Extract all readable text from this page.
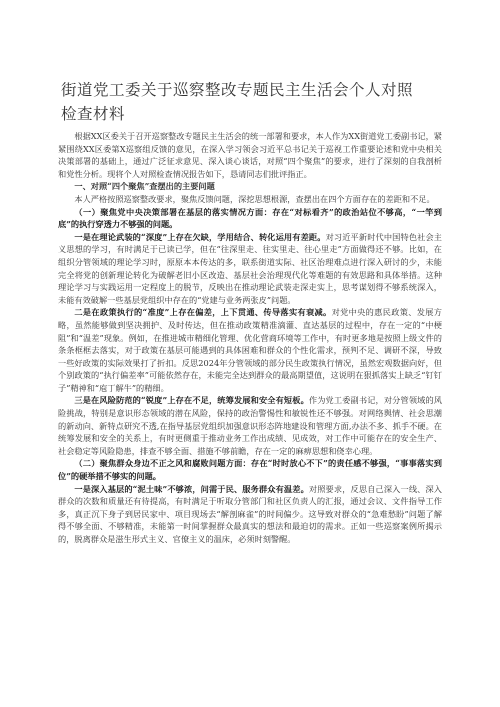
街道党工委关于巡察整改专题民主生活会个人对照
检查材料

根据XX区委关于召开巡察整改专题民主生活会的统一部署和要求，本人作为XX街道党工委副书记，紧紧围绕XX区委第X巡察组反馈的意见，在深入学习领会习近平总书记关于巡视工作重要论述和党中央相关决策部署的基础上，通过广泛征求意见、深入谈心谈话，对照“四个聚焦”的要求，进行了深刻的自我剖析和党性分析。现将个人对照检查情况报告如下，恳请同志们批评指正。

一、对照“四个聚焦”查摆出的主要问题

本人严格按照巡察整改要求，聚焦反馈问题，深挖思想根源，查摆出在四个方面存在的差距和不足。

（一）聚焦党中央决策部署在基层的落实情况方面：存在“对标看齐”的政治站位不够高，“一竿到底”的执行穿透力不够强的问题。

一是在理论武装的“深度”上存在欠缺，学用结合、转化运用有差距。对习近平新时代中国特色社会主义思想的学习，有时满足于已读已学，但在“往深里走、往实里走、往心里走”方面做得还不够。比如，在组织分管领域的理论学习时，原原本本传达的多，联系街道实际、社区治理难点进行深入研讨的少，未能完全将党的创新理论转化为破解老旧小区改造、基层社会治理现代化等难题的有效思路和具体举措。这种理论学习与实践运用一定程度上的脱节，反映出在推动理论武装走深走实上，思考谋划得不够系统深入，未能有效破解一些基层党组织中存在的“党建与业务两张皮”问题。

二是在政策执行的“准度”上存在偏差，上下贯通、传导落实有衰减。对党中央的惠民政策、发展方略，虽然能够做到坚决拥护、及时传达，但在推动政策精准滴灌、直达基层的过程中，存在一定的“中梗阻”和“温差”现象。例如，在推进城市精细化管理、优化营商环境等工作中，有时更多地是按照上级文件的条条框框去落实，对于政策在基层可能遇到的具体困难和群众的个性化需求，预判不足、调研不深，导致一些好政策的实际效果打了折扣。反思2024年分管领域的部分民生政策执行情况，虽然宏观数据向好，但个别政策的“执行偏差率”可能依然存在，未能完全达到群众的最高期望值，这说明在狠抓落实上缺乏“钉钉子”精神和“庖丁解牛”的精细。

三是在风险防范的“锐度”上存在不足，统筹发展和安全有短板。作为党工委副书记，对分管领域的风险挑战，特别是意识形态领域的潜在风险，保持的政治警惕性和敏锐性还不够强。对网络舆情、社会思潮的新动向、新特点研究不透,在指导基层党组织加强意识形态阵地建设和管理方面,办法不多、抓手不硬。在统筹发展和安全的关系上，有时更侧重于推动业务工作出成绩、见成效，对工作中可能存在的安全生产、社会稳定等风险隐患，排查不够全面、措施不够前瞻，存在一定的麻痹思想和侥幸心理。

（二）聚焦群众身边不正之风和腐败问题方面：存在“时时放心不下”的责任感不够强，“事事落实到位”的硬举措不够实的问题。

一是深入基层的“泥土味”不够浓，问需于民、服务群众有温差。对照要求，反思自己深入一线、深入群众的次数和质量还有待提高，有时满足于听取分管部门和社区负责人的汇报，通过会议、文件指导工作多，真正沉下身子到居民家中、项目现场去“解剖麻雀”的时间偏少。这导致对群众的“急难愁盼”问题了解得不够全面、不够精准，未能第一时间掌握群众最真实的想法和最迫切的需求。正如一些巡察案例所揭示的，脱离群众是滋生形式主义、官僚主义的温床，必须时刻警醒。
